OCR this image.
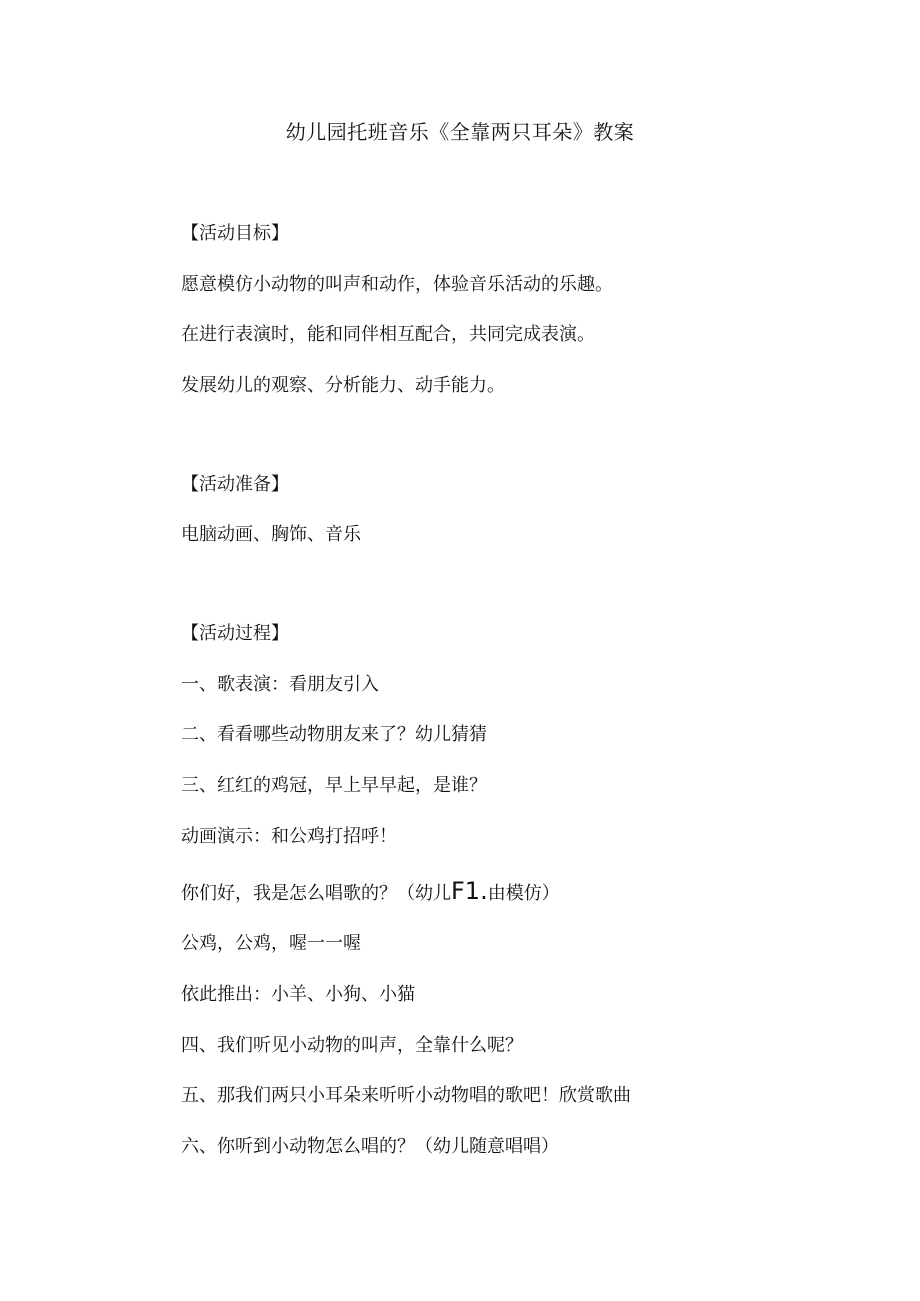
幼儿园托班音乐《全靠两只耳朵》教案
【活动目标】
愿意模仿小动物的叫声和动作，体验音乐活动的乐趣。
在进行表演时，能和同伴相互配合，共同完成表演。
发展幼儿的观察、分析能力、动手能力。
【活动准备】
电脑动画、胸饰、音乐
【活动过程】
一、歌表演：看朋友引入
二、看看哪些动物朋友来了？幼儿猜猜
三、红红的鸡冠，早上早早起，是谁？
动画演示：和公鸡打招呼！
你们好，我是怎么唱歌的？（幼儿F1.由模仿）
公鸡，公鸡，喔一一喔
依此推出：小羊、小狗、小猫
四、我们听见小动物的叫声，全靠什么呢？
五、那我们两只小耳朵来听听小动物唱的歌吧！欣赏歌曲
六、你听到小动物怎么唱的？（幼儿随意唱唱）
